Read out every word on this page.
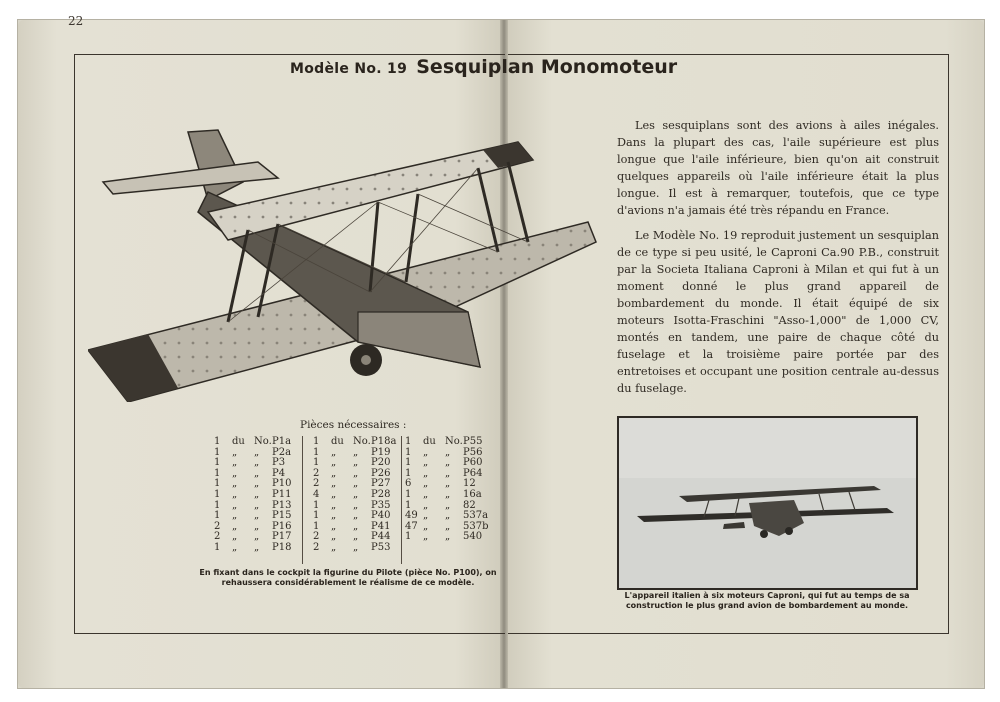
22
Modèle No. 19 Sesquiplan Monomoteur
Pièces nécessaires :
1	du No. P1a
1	„	„	P2a
1	„	„	P3
1	„	„	P4
1	„	„	P10
1	„	„	P11
1	„	„	P13
1	„	„	P15
2	„	„	P16
2	„	„	P17
1	„	„	P18
1	du No. P18a
1	„	„	P19
1	„	„	P20
2	„	„	P26
2	„	„	P27
4	„	„	P28
1	„	„	P35
1	„	„	P40
1	„	„	P41
2	„	„	P44
2	„	„	P53
1	du No. P55
1	„	„	P56
1	„	„	P60
1	„	„	P64
6	„	„	12
1	„	„	16a
1	„	„	82
49 „	„	537a
47 „	„	537b
1	„	„	540
En fixant dans le cockpit la figurine du Pilote (pièce No. P100), on rehaussera considérablement le réalisme de ce modèle.

Les sesquiplans sont des avions à ailes inégales. Dans la plupart des cas, l'aile supérieure est plus longue que l'aile inférieure, bien qu'on ait construit quelques appareils où l'aile inférieure était la plus longue. Il est à remarquer, toutefois, que ce type d'avions n'a jamais été très répandu en France.

Le Modèle No. 19 reproduit justement un sesquiplan de ce type si peu usité, le Caproni Ca.90 P.B., construit par la Societa Italiana Caproni à Milan et qui fut à un moment donné le plus grand appareil de bombardement du monde. Il était équipé de six moteurs Isotta-Fraschini "Asso-1,000" de 1,000 CV, montés en tandem, une paire de chaque côté du fuselage et la troisième paire portée par des entretoises et occupant une position centrale au-dessus du fuselage.

L'appareil italien à six moteurs Caproni, qui fut au temps de sa construction le plus grand avion de bombardement au monde.
